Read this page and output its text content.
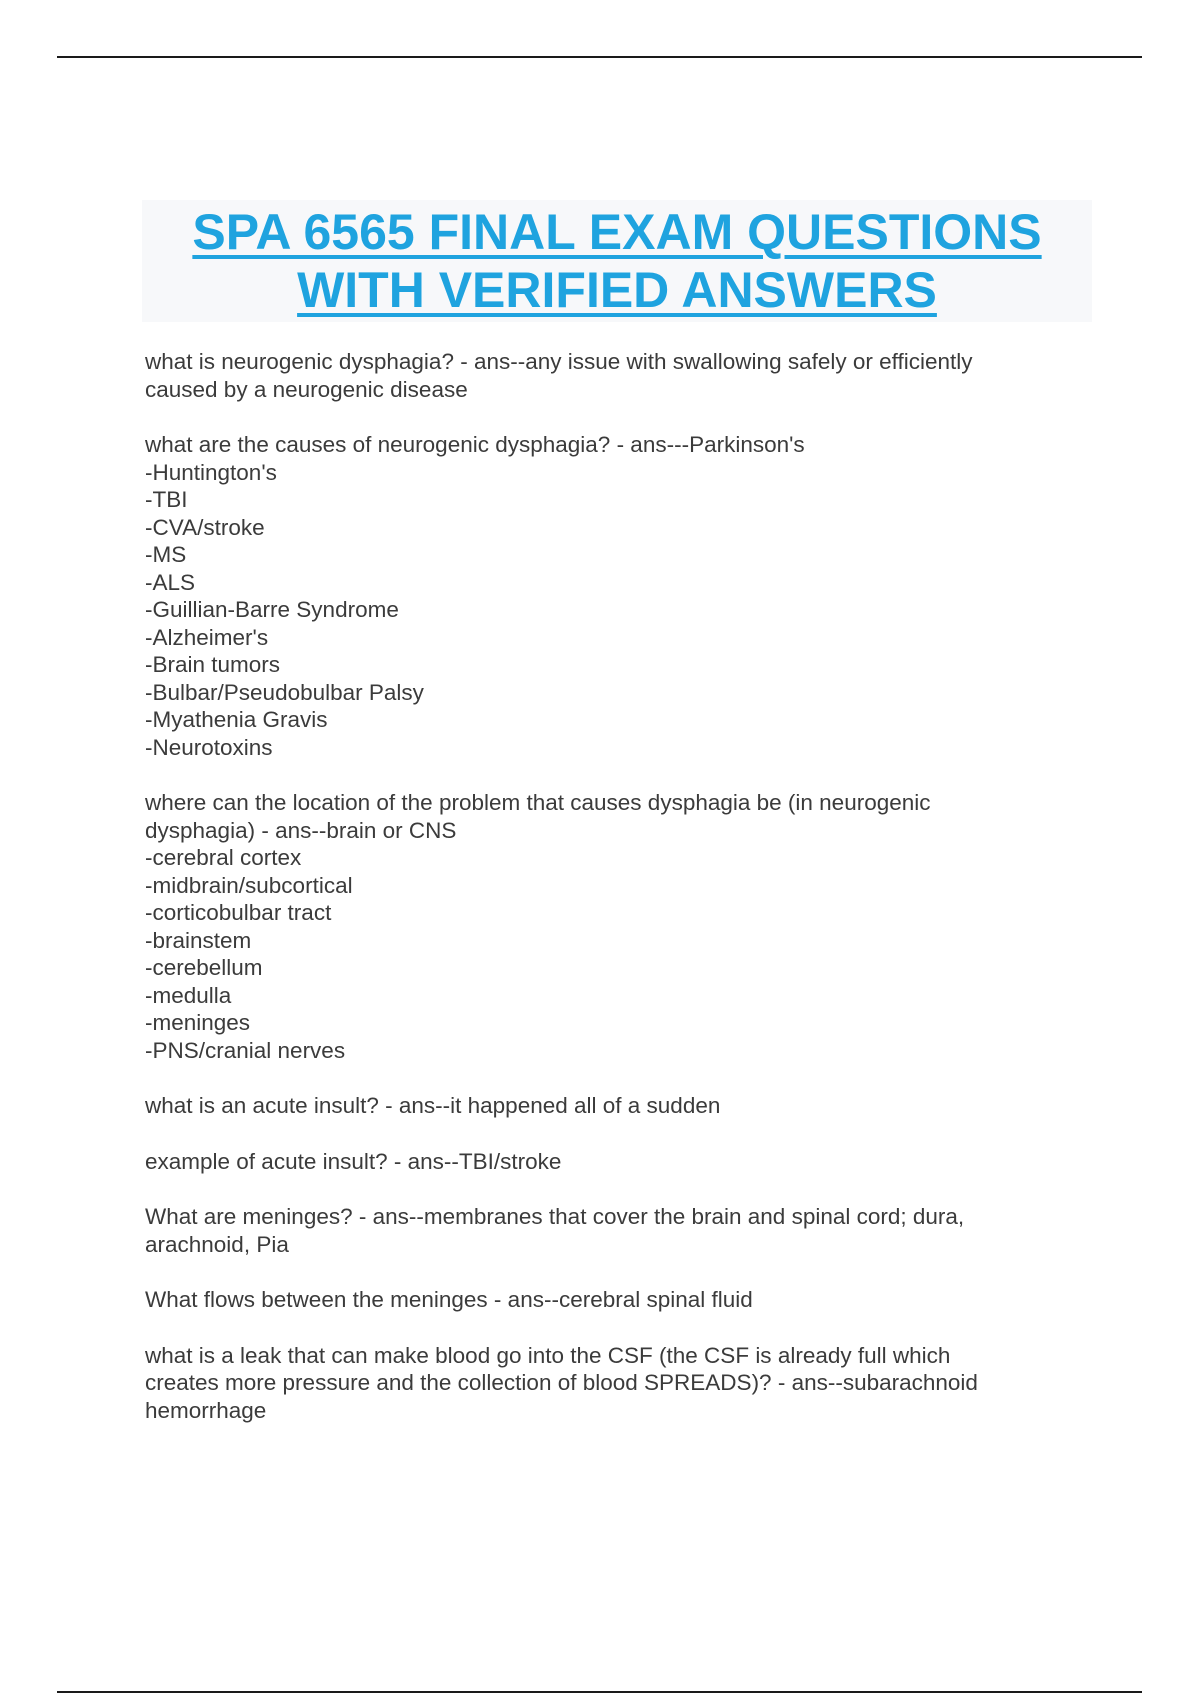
SPA 6565 FINAL EXAM QUESTIONS
WITH VERIFIED ANSWERS
what is neurogenic dysphagia? - ans--any issue with swallowing safely or efficiently
caused by a neurogenic disease
what are the causes of neurogenic dysphagia? - ans---Parkinson's
-Huntington's
-TBI
-CVA/stroke
-MS
-ALS
-Guillian-Barre Syndrome
-Alzheimer's
-Brain tumors
-Bulbar/Pseudobulbar Palsy
-Myathenia Gravis
-Neurotoxins
where can the location of the problem that causes dysphagia be (in neurogenic
dysphagia) - ans--brain or CNS
-cerebral cortex
-midbrain/subcortical
-corticobulbar tract
-brainstem
-cerebellum
-medulla
-meninges
-PNS/cranial nerves
what is an acute insult? - ans--it happened all of a sudden
example of acute insult? - ans--TBI/stroke
What are meninges? - ans--membranes that cover the brain and spinal cord; dura,
arachnoid, Pia
What flows between the meninges - ans--cerebral spinal fluid
what is a leak that can make blood go into the CSF (the CSF is already full which
creates more pressure and the collection of blood SPREADS)? - ans--subarachnoid
hemorrhage
